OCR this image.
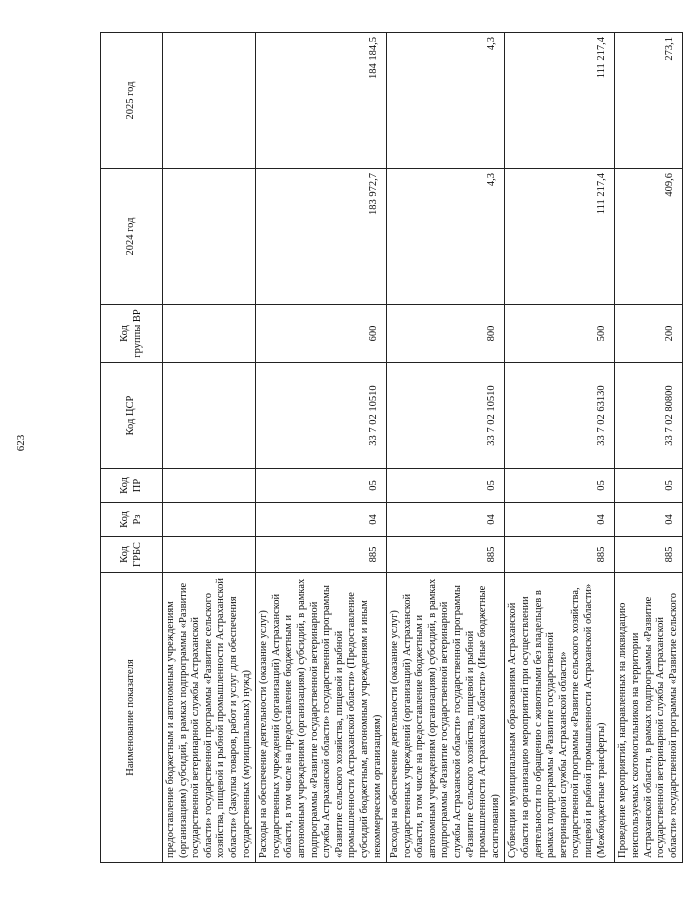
623
Наименование показателя	Код ГРБС	Код Рз	Код ПР	Код ЦСР	Код группы ВР	2024 год	2025 год
предоставление бюджетным и автономным учреждениям (организациям) субсидий, в рамках подпрограммы «Развитие государственной ветеринарной службы Астраханской области» государственной программы «Развитие сельского хозяйства, пищевой и рыбной промышленности Астраханской области» (Закупка товаров, работ и услуг для обеспечения государственных (муниципальных) нужд)							
Расходы на обеспечение деятельности (оказание услуг) государственных учреждений (организаций) Астраханской области, в том числе на предоставление бюджетным и автономным учреждениям (организациям) субсидий, в рамках подпрограммы «Развитие государственной ветеринарной службы Астраханской области» государственной программы «Развитие сельского хозяйства, пищевой и рыбной промышленности Астраханской области» (Предоставление субсидий бюджетным, автономным учреждениям и иным некоммерческим организациям)	885	04	05	33 7 02 10510	600	183 972,7	184 184,5
Расходы на обеспечение деятельности (оказание услуг) государственных учреждений (организаций) Астраханской области, в том числе на предоставление бюджетным и автономным учреждениям (организациям) субсидий, в рамках подпрограммы «Развитие государственной ветеринарной службы Астраханской области» государственной программы «Развитие сельского хозяйства, пищевой и рыбной промышленности Астраханской области» (Иные бюджетные ассигнования)	885	04	05	33 7 02 10510	800	4,3	4,3
Субвенции муниципальным образованиям Астраханской области на организацию мероприятий при осуществлении деятельности по обращению с животными без владельцев в рамках подпрограммы «Развитие государственной ветеринарной службы Астраханской области» государственной программы «Развитие сельского хозяйства, пищевой и рыбной промышленности Астраханской области» (Межбюджетные трансферты)	885	04	05	33 7 02 63130	500	111 217,4	111 217,4
Проведение мероприятий, направленных на ликвидацию неиспользуемых скотомогильников на территории Астраханской области, в рамках подпрограммы «Развитие государственной ветеринарной службы Астраханской области» государственной программы «Развитие сельского	885	04	05	33 7 02 80800	200	409,6	273,1
